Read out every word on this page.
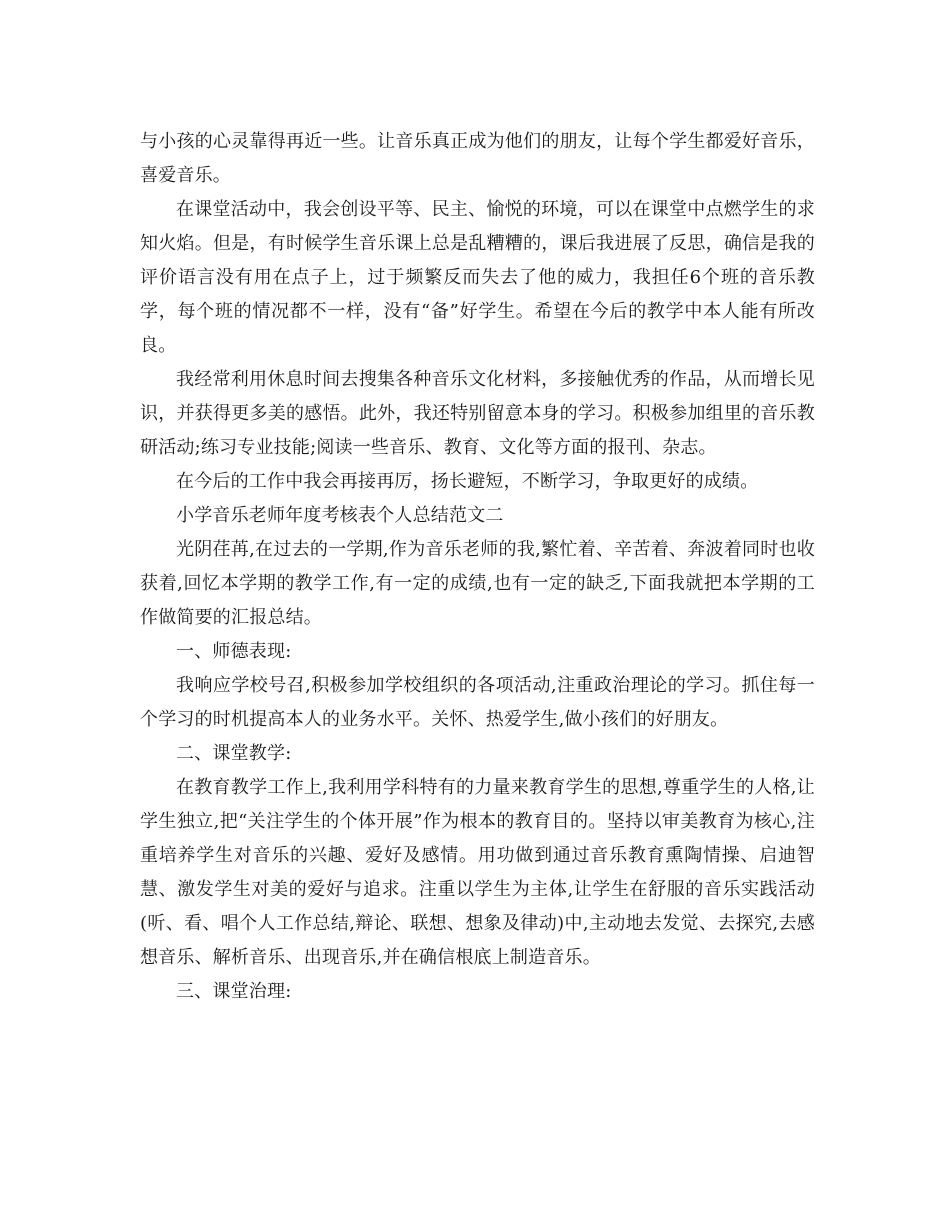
与小孩的心灵靠得再近一些。让音乐真正成为他们的朋友，让每个学生都爱好音乐，喜爱音乐。

在课堂活动中，我会创设平等、民主、愉悦的环境，可以在课堂中点燃学生的求知火焰。但是，有时候学生音乐课上总是乱糟糟的，课后我进展了反思，确信是我的评价语言没有用在点子上，过于频繁反而失去了他的威力，我担任6个班的音乐教学，每个班的情况都不一样，没有“备”好学生。希望在今后的教学中本人能有所改良。

我经常利用休息时间去搜集各种音乐文化材料，多接触优秀的作品，从而增长见识，并获得更多美的感悟。此外，我还特别留意本身的学习。积极参加组里的音乐教研活动;练习专业技能;阅读一些音乐、教育、文化等方面的报刊、杂志。

在今后的工作中我会再接再厉，扬长避短，不断学习，争取更好的成绩。

小学音乐老师年度考核表个人总结范文二

光阴荏苒,在过去的一学期,作为音乐老师的我,繁忙着、辛苦着、奔波着同时也收获着,回忆本学期的教学工作,有一定的成绩,也有一定的缺乏,下面我就把本学期的工作做简要的汇报总结。

一、师德表现:

我响应学校号召,积极参加学校组织的各项活动,注重政治理论的学习。抓住每一个学习的时机提高本人的业务水平。关怀、热爱学生,做小孩们的好朋友。

二、课堂教学:

在教育教学工作上,我利用学科特有的力量来教育学生的思想,尊重学生的人格,让学生独立,把“关注学生的个体开展”作为根本的教育目的。坚持以审美教育为核心,注重培养学生对音乐的兴趣、爱好及感情。用功做到通过音乐教育熏陶情操、启迪智慧、激发学生对美的爱好与追求。注重以学生为主体,让学生在舒服的音乐实践活动(听、看、唱个人工作总结,辩论、联想、想象及律动)中,主动地去发觉、去探究,去感想音乐、解析音乐、出现音乐,并在确信根底上制造音乐。

三、课堂治理:
